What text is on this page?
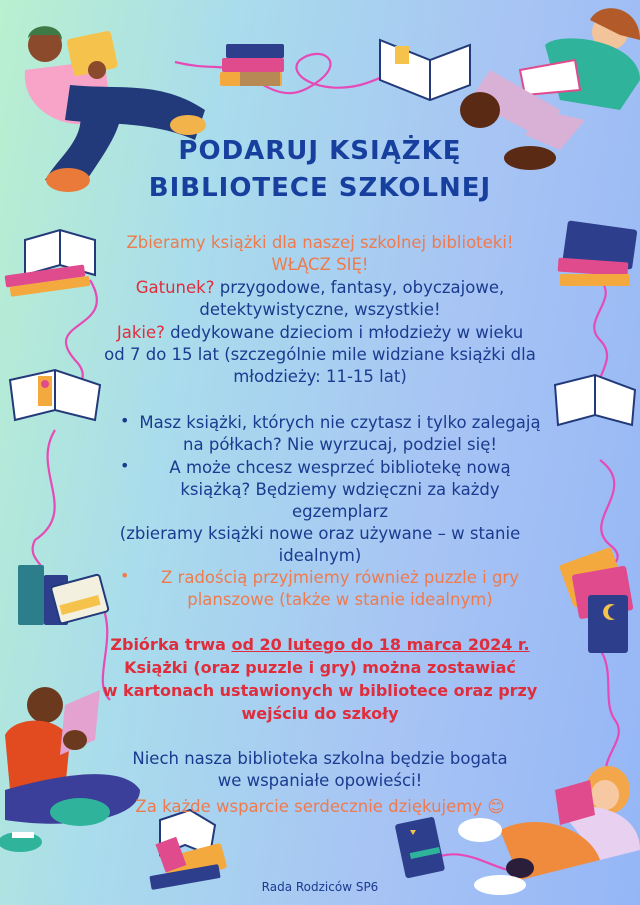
PODARUJ KSIĄŻKĘ
BIBLIOTECE SZKOLNEJ
Zbieramy książki dla naszej szkolnej biblioteki!
WŁĄCZ SIĘ!
Gatunek? przygodowe, fantasy, obyczajowe,
detektywistyczne, wszystkie!
Jakie? dedykowane dzieciom i młodzieży w wieku
od 7 do 15 lat (szczególnie mile widziane książki dla
młodzieży: 11-15 lat)
• Masz książki, których nie czytasz i tylko zalegają
na półkach? Nie wyrzucaj, podziel się!
•	A może chcesz wesprzeć bibliotekę nową
książką? Będziemy wdzięczni za każdy
egzemplarz
(zbieramy książki nowe oraz używane – w stanie
idealnym)
•	Z radością przyjmiemy również puzzle i gry
planszowe (także w stanie idealnym)
Zbiórka trwa od 20 lutego do 18 marca 2024 r.
Książki (oraz puzzle i gry) można zostawiać
w kartonach ustawionych w bibliotece oraz przy
wejściu do szkoły
Niech nasza biblioteka szkolna będzie bogata
we wspaniałe opowieści!
Za każde wsparcie serdecznie dziękujemy 😊
Rada Rodziców SP6
